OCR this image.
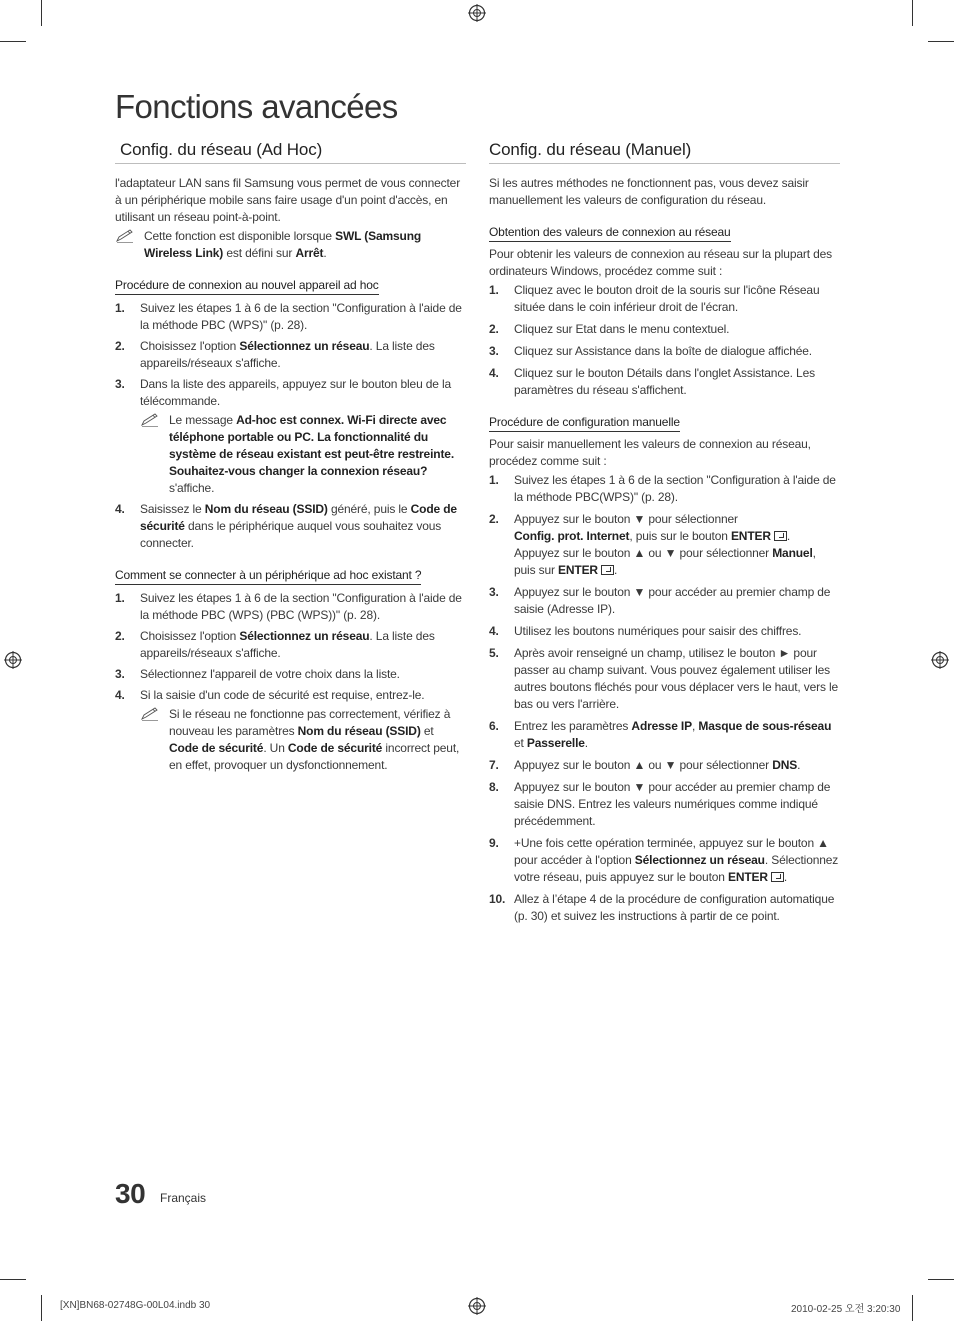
Fonctions avancées
Config. du réseau (Ad Hoc)

l'adaptateur LAN sans fil Samsung vous permet de vous connecter à un périphérique mobile sans faire usage d'un point d'accès, en utilisant un réseau point-à-point.

Cette fonction est disponible lorsque SWL (Samsung Wireless Link) est défini sur Arrêt.
Procédure de connexion au nouvel appareil ad hoc
1. Suivez les étapes 1 à 6 de la section "Configuration à l'aide de la méthode PBC (WPS)" (p. 28).
2. Choisissez l'option Sélectionnez un réseau. La liste des appareils/réseaux s'affiche.
3. Dans la liste des appareils, appuyez sur le bouton bleu de la télécommande.
Le message Ad-hoc est connex. Wi-Fi directe avec téléphone portable ou PC. La fonctionnalité du système de réseau existant est peut-être restreinte. Souhaitez-vous changer la connexion réseau? s'affiche.
4. Saisissez le Nom du réseau (SSID) généré, puis le Code de sécurité dans le périphérique auquel vous souhaitez vous connecter.
Comment se connecter à un périphérique ad hoc existant ?
1. Suivez les étapes 1 à 6 de la section "Configuration à l'aide de la méthode PBC (WPS) (PBC (WPS))" (p. 28).
2. Choisissez l'option Sélectionnez un réseau. La liste des appareils/réseaux s'affiche.
3. Sélectionnez l'appareil de votre choix dans la liste.
4. Si la saisie d'un code de sécurité est requise, entrez-le.
Si le réseau ne fonctionne pas correctement, vérifiez à nouveau les paramètres Nom du réseau (SSID) et Code de sécurité. Un Code de sécurité incorrect peut, en effet, provoquer un dysfonctionnement.
Config. du réseau (Manuel)

Si les autres méthodes ne fonctionnent pas, vous devez saisir manuellement les valeurs de configuration du réseau.

Obtention des valeurs de connexion au réseau

Pour obtenir les valeurs de connexion au réseau sur la plupart des ordinateurs Windows, procédez comme suit :

1. Cliquez avec le bouton droit de la souris sur l'icône Réseau située dans le coin inférieur droit de l'écran.
2. Cliquez sur Etat dans le menu contextuel.
3. Cliquez sur Assistance dans la boîte de dialogue affichée.
4. Cliquez sur le bouton Détails dans l'onglet Assistance. Les paramètres du réseau s'affichent.
Procédure de configuration manuelle

Pour saisir manuellement les valeurs de connexion au réseau, procédez comme suit :

1. Suivez les étapes 1 à 6 de la section "Configuration à l'aide de la méthode PBC(WPS)" (p. 28).
2. Appuyez sur le bouton ▼ pour sélectionner
Config. prot. Internet, puis sur le bouton ENTER .
Appuyez sur le bouton ▲ ou ▼ pour sélectionner Manuel, puis sur ENTER .
3. Appuyez sur le bouton ▼ pour accéder au premier champ de saisie (Adresse IP).
4. Utilisez les boutons numériques pour saisir des chiffres.
5. Après avoir renseigné un champ, utilisez le bouton ► pour passer au champ suivant. Vous pouvez également utiliser les autres boutons fléchés pour vous déplacer vers le haut, vers le bas ou vers l'arrière.
6. Entrez les paramètres Adresse IP, Masque de sous-réseau et Passerelle.
7. Appuyez sur le bouton ▲ ou ▼ pour sélectionner DNS.
8. Appuyez sur le bouton ▼ pour accéder au premier champ de saisie DNS. Entrez les valeurs numériques comme indiqué précédemment.
9. +Une fois cette opération terminée, appuyez sur le bouton ▲ pour accéder à l'option Sélectionnez un réseau. Sélectionnez votre réseau, puis appuyez sur le bouton ENTER .
10. Allez à l’étape 4 de la procédure de configuration automatique (p. 30) et suivez les instructions à partir de ce point.

30 Français

[XN]BN68-02748G-00L04.indb 30	2010-02-25 오전 3:20:30
